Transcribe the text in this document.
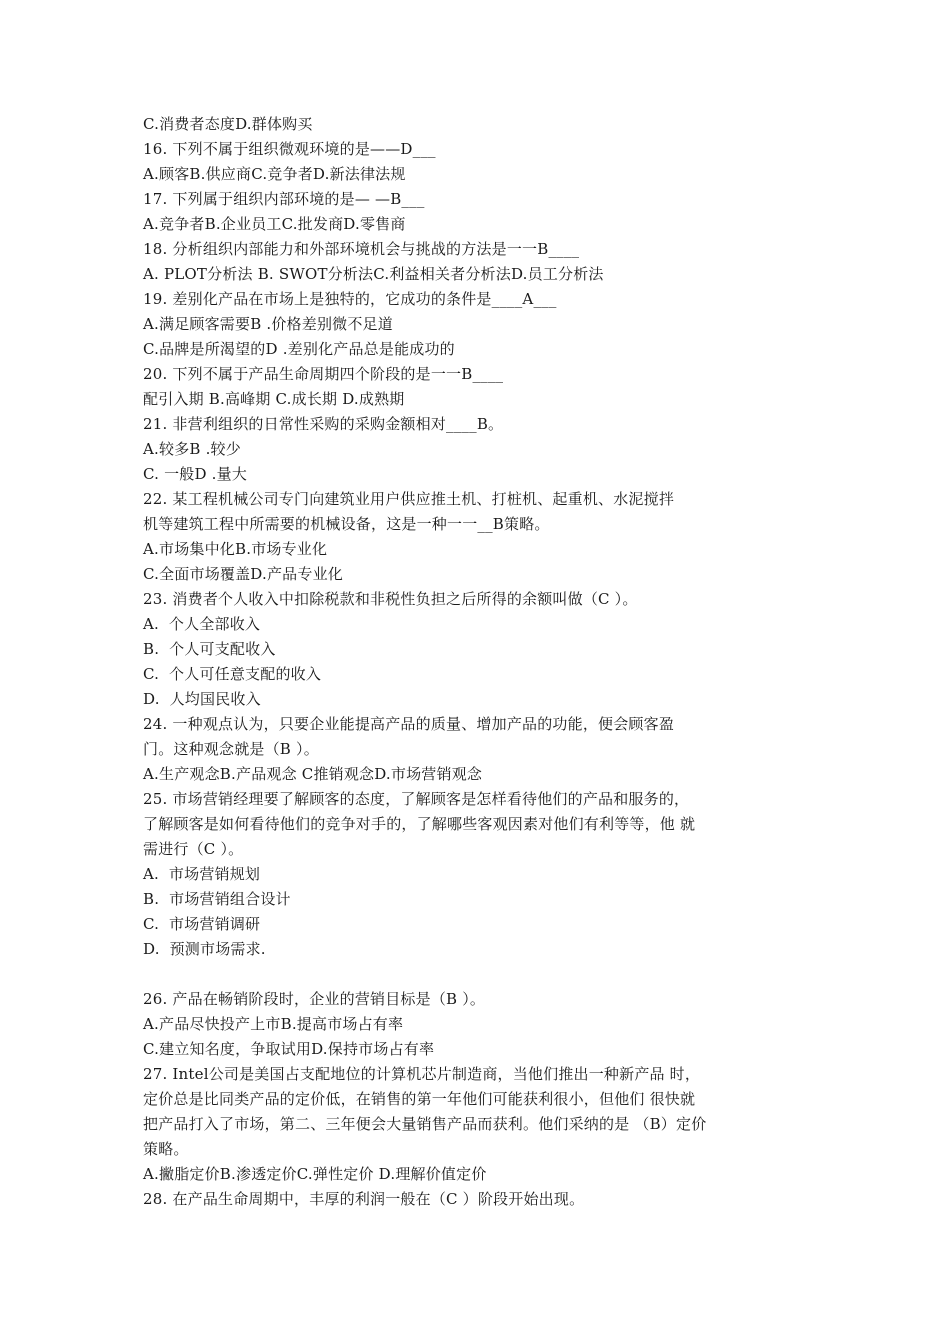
C.消费者态度D.群体购买
16. 下列不属于组织微观环境的是——D___
A.顾客B.供应商C.竞争者D.新法律法规
17. 下列属于组织内部环境的是— —B___
A.竞争者B.企业员工C.批发商D.零售商
18. 分析组织内部能力和外部环境机会与挑战的方法是一一B____
A. PLOT分析法 B. SWOT分析法C.利益相关者分析法D.员工分析法
19. 差别化产品在市场上是独特的，它成功的条件是____A___
A.满足顾客需要B .价格差别微不足道
C.品牌是所渴望的D .差别化产品总是能成功的
20. 下列不属于产品生命周期四个阶段的是一一B____
配引入期 B.高峰期 C.成长期 D.成熟期
21. 非营利组织的日常性采购的采购金额相对____B。
A.较多B .较少
C. 一般D .量大
22. 某工程机械公司专门向建筑业用户供应推土机、打桩机、起重机、水泥搅拌
机等建筑工程中所需要的机械设备，这是一种一一__B策略。
A.市场集中化B.市场专业化
C.全面市场覆盖D.产品专业化
23. 消费者个人收入中扣除税款和非税性负担之后所得的余额叫做（C ）。
A.  个人全部收入
B.  个人可支配收入
C.  个人可任意支配的收入
D.  人均国民收入
24. 一种观点认为，只要企业能提高产品的质量、增加产品的功能，便会顾客盈
门。这种观念就是（B ）。
A.生产观念B.产品观念 C推销观念D.市场营销观念
25. 市场营销经理要了解顾客的态度，了解顾客是怎样看待他们的产品和服务的，
了解顾客是如何看待他们的竞争对手的，了解哪些客观因素对他们有利等等，他 就
需进行（C ）。
A.  市场营销规划
B.  市场营销组合设计
C.  市场营销调研
D.  预测市场需求.
26. 产品在畅销阶段时，企业的营销目标是（B ）。
A.产品尽快投产上市B.提高市场占有率
C.建立知名度，争取试用D.保持市场占有率
27. Intel公司是美国占支配地位的计算机芯片制造商，当他们推出一种新产品 时，
定价总是比同类产品的定价低，在销售的第一年他们可能获利很小，但他们 很快就
把产品打入了市场，第二、三年便会大量销售产品而获利。他们采纳的是 （B）定价
策略。
A.撇脂定价B.渗透定价C.弹性定价 D.理解价值定价
28. 在产品生命周期中，丰厚的利润一般在（C ）阶段开始出现。
